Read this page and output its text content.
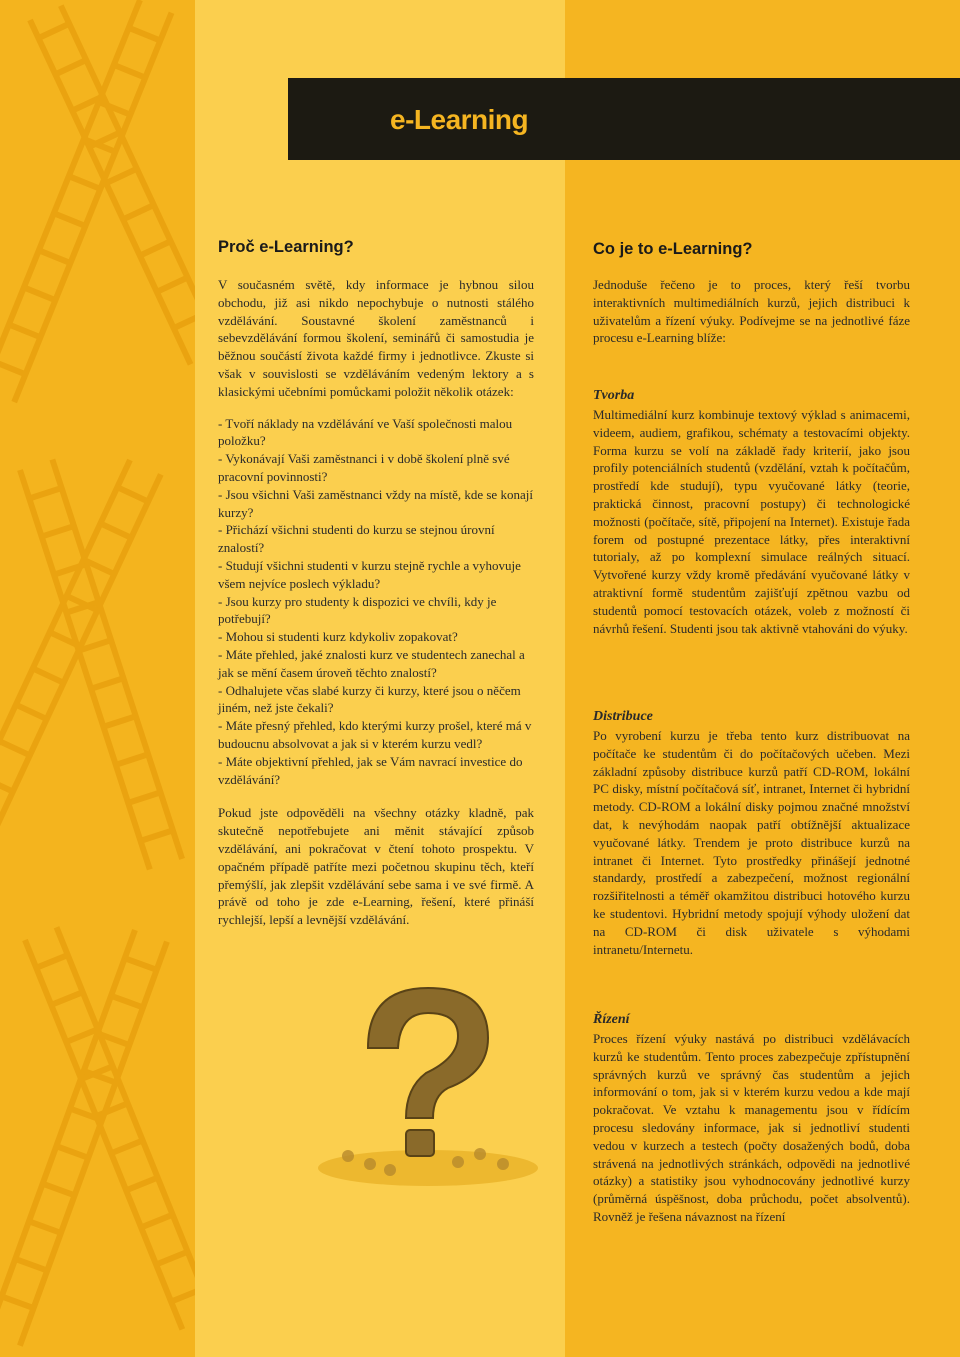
e-Learning
Proč e-Learning?

V současném světě, kdy informace je hybnou silou obchodu, již asi nikdo nepochybuje o nutnosti stálého vzdělávání. Soustavné školení zaměstnanců i sebevzdělávání formou školení, seminářů či samostudia je běžnou součástí života každé firmy i jednotlivce. Zkuste si však v souvislosti se vzděláváním vedeným lektory a s klasickými učebními pomůckami položit několik otázek:

- Tvoří náklady na vzdělávání ve Vaší společnosti malou položku?
- Vykonávají Vaši zaměstnanci i v době školení plně své pracovní povinnosti?
- Jsou všichni Vaši zaměstnanci vždy na místě, kde se konají kurzy?
- Přichází všichni studenti do kurzu se stejnou úrovní znalostí?
- Studují všichni studenti v kurzu stejně rychle a vyhovuje všem nejvíce poslech výkladu?
- Jsou kurzy pro studenty k dispozici ve chvíli, kdy je potřebují?
- Mohou si studenti kurz kdykoliv zopakovat?
- Máte přehled, jaké znalosti kurz ve studentech zanechal a jak se mění časem úroveň těchto znalostí?
- Odhalujete včas slabé kurzy či kurzy, které jsou o něčem jiném, než jste čekali?
- Máte přesný přehled, kdo kterými kurzy prošel, které má v budoucnu absolvovat a jak si v kterém kurzu vedl?
- Máte objektivní přehled, jak se Vám navrací investice do vzdělávání?

Pokud jste odpověděli na všechny otázky kladně, pak skutečně nepotřebujete ani měnit stávající způsob vzdělávání, ani pokračovat v čtení tohoto prospektu. V opačném případě patříte mezi početnou skupinu těch, kteří přemýšlí, jak zlepšit vzdělávání sebe sama i ve své firmě. A právě od toho je zde e-Learning, řešení, které přináší rychlejší, lepší a levnější vzdělávání.

Co je to e-Learning?

Jednoduše řečeno je to proces, který řeší tvorbu interaktivních multimediálních kurzů, jejich distribuci k uživatelům a řízení výuky. Podívejme se na jednotlivé fáze procesu e-Learning blíže:

Tvorba

Multimediální kurz kombinuje textový výklad s animacemi, videem, audiem, grafikou, schématy a testovacími objekty. Forma kurzu se volí na základě řady kriterií, jako jsou profily potenciálních studentů (vzdělání, vztah k počítačům, prostředí kde studují), typu vyučované látky (teorie, praktická činnost, pracovní postupy) či technologické možnosti (počítače, sítě, připojení na Internet). Existuje řada forem od postupné prezentace látky, přes interaktivní tutorialy, až po komplexní simulace reálných situací. Vytvořené kurzy vždy kromě předávání vyučované látky v atraktivní formě studentům zajišťují zpětnou vazbu od studentů pomocí testovacích otázek, voleb z možností či návrhů řešení. Studenti jsou tak aktivně vtahováni do výuky.

Distribuce

Po vyrobení kurzu je třeba tento kurz distribuovat na počítače ke studentům či do počítačových učeben. Mezi základní způsoby distribuce kurzů patří CD-ROM, lokální PC disky, místní počítačová síť, intranet, Internet či hybridní metody. CD-ROM a lokální disky pojmou značné množství dat, k nevýhodám naopak patří obtížnější aktualizace vyučované látky. Trendem je proto distribuce kurzů na intranet či Internet. Tyto prostředky přinášejí jednotné standardy, prostředí a zabezpečení, možnost regionální rozšiřitelnosti a téměř okamžitou distribuci hotového kurzu ke studentovi. Hybridní metody spojují výhody uložení dat na CD-ROM či disk uživatele s výhodami intranetu/Internetu.

Řízení

Proces řízení výuky nastává po distribuci vzdělávacích kurzů ke studentům. Tento proces zabezpečuje zpřístupnění správných kurzů ve správný čas studentům a jejich informování o tom, jak si v kterém kurzu vedou a kde mají pokračovat. Ve vztahu k managementu jsou v řídícím procesu sledovány informace, jak si jednotliví studenti vedou v kurzech a testech (počty dosažených bodů, doba strávená na jednotlivých stránkách, odpovědi na jednotlivé otázky) a statistiky jsou vyhodnocovány jednotlivé kurzy (průměrná úspěšnost, doba průchodu, počet absolventů). Rovněž je řešena návaznost na řízení
